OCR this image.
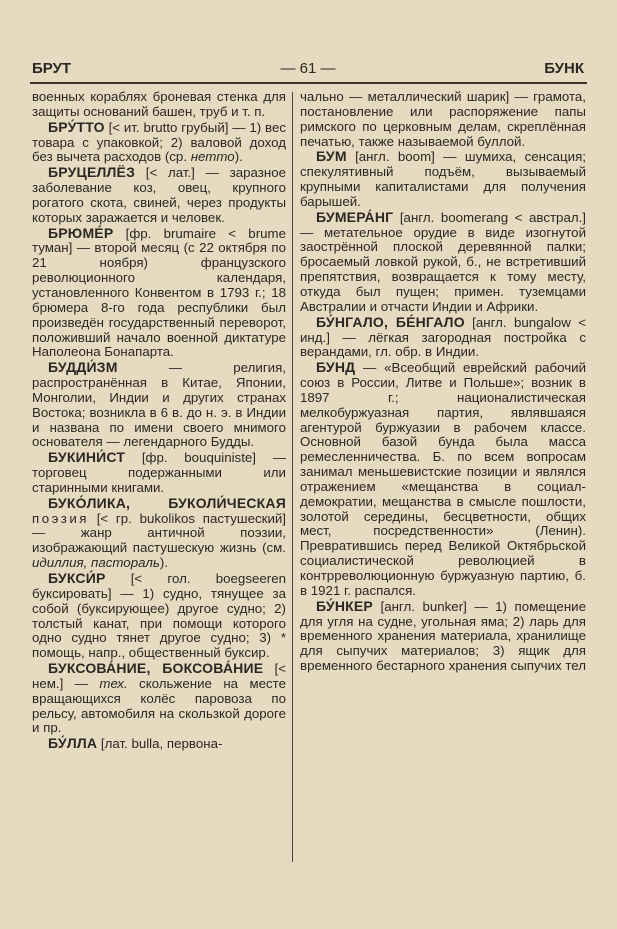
— 61 —
БРУТ	БУНК

военных кораблях броневая стенка для защиты оснований башен, труб и т. п.

БРУ́ТТО [< ит. brutto грубый] — 1) вес товара с упаковкой; 2) валовой доход без вычета расходов (ср. нетто).

БРУЦЕЛЛЁЗ [< лат.] — заразное заболевание коз, овец, крупного рогатого скота, свиней, через продукты которых заражается и человек.

БРЮМЕ́Р [фр. brumaire < brume туман] — второй месяц (с 22 октября по 21 ноября) французского революционного календаря, установленного Конвентом в 1793 г.; 18 брюмера 8-го года республики был произведён государственный переворот, положивший начало военной диктатуре Наполеона Бонапарта.

БУДДИ́ЗМ — религия, распространённая в Китае, Японии, Монголии, Индии и других странах Востока; возникла в 6 в. до н. э. в Индии и названа по имени своего мнимого основателя — легендарного Будды.

БУКИНИ́СТ [фр. bouquiniste] — торговец подержанными или старинными книгами.

БУКО́ЛИКА, БУКОЛИ́ЧЕСКАЯ поэзия [< гр. bukolikos пастушеский] — жанр античной поэзии, изображающий пастушескую жизнь (см. идиллия, пастораль).

БУКСИ́Р [< гол. boegseeren буксировать] — 1) судно, тянущее за собой (буксирующее) другое судно; 2) толстый канат, при помощи которого одно судно тянет другое судно; 3) * помощь, напр., общественный буксир.

БУКСОВА́НИЕ, БОКСОВА́НИЕ [< нем.] — тех. скольжение на месте вращающихся колёс паровоза по рельсу, автомобиля на скользкой дороге и пр.

БУ́ЛЛА [лат. bulla, первона-

чально — металлический шарик] — грамота, постановление или распоряжение папы римского по церковным делам, скреплённая печатью, также называемой буллой.

БУМ [англ. boom] — шумиха, сенсация; спекулятивный подъём, вызываемый крупными капиталистами для получения барышей.

БУМЕРА́НГ [англ. boomerang < австрал.] — метательное орудие в виде изогнутой заострённой плоской деревянной палки; бросаемый ловкой рукой, б., не встретивший препятствия, возвращается к тому месту, откуда был пущен; примен. туземцами Австралии и отчасти Индии и Африки.

БУ́НГАЛО, БЕ́НГАЛО [англ. bungalow < инд.] — лёгкая загородная постройка с верандами, гл. обр. в Индии.

БУНД — «Всеобщий еврейский рабочий союз в России, Литве и Польше»; возник в 1897 г.; националистическая мелкобуржуазная партия, являвшаяся агентурой буржуазии в рабочем классе. Основной базой бунда была масса ремесленничества. Б. по всем вопросам занимал меньшевистские позиции и являлся отражением «мещанства в социал-демократии, мещанства в смысле пошлости, золотой середины, бесцветности, общих мест, посредственности» (Ленин). Превратившись перед Великой Октябрьской социалистической революцией в контрреволюционную буржуазную партию, б. в 1921 г. распался.

БУ́НКЕР [англ. bunker] — 1) помещение для угля на судне, угольная яма; 2) ларь для временного хранения материала, хранилище для сыпучих материалов; 3) ящик для временного бестарного хранения сыпучих тел
